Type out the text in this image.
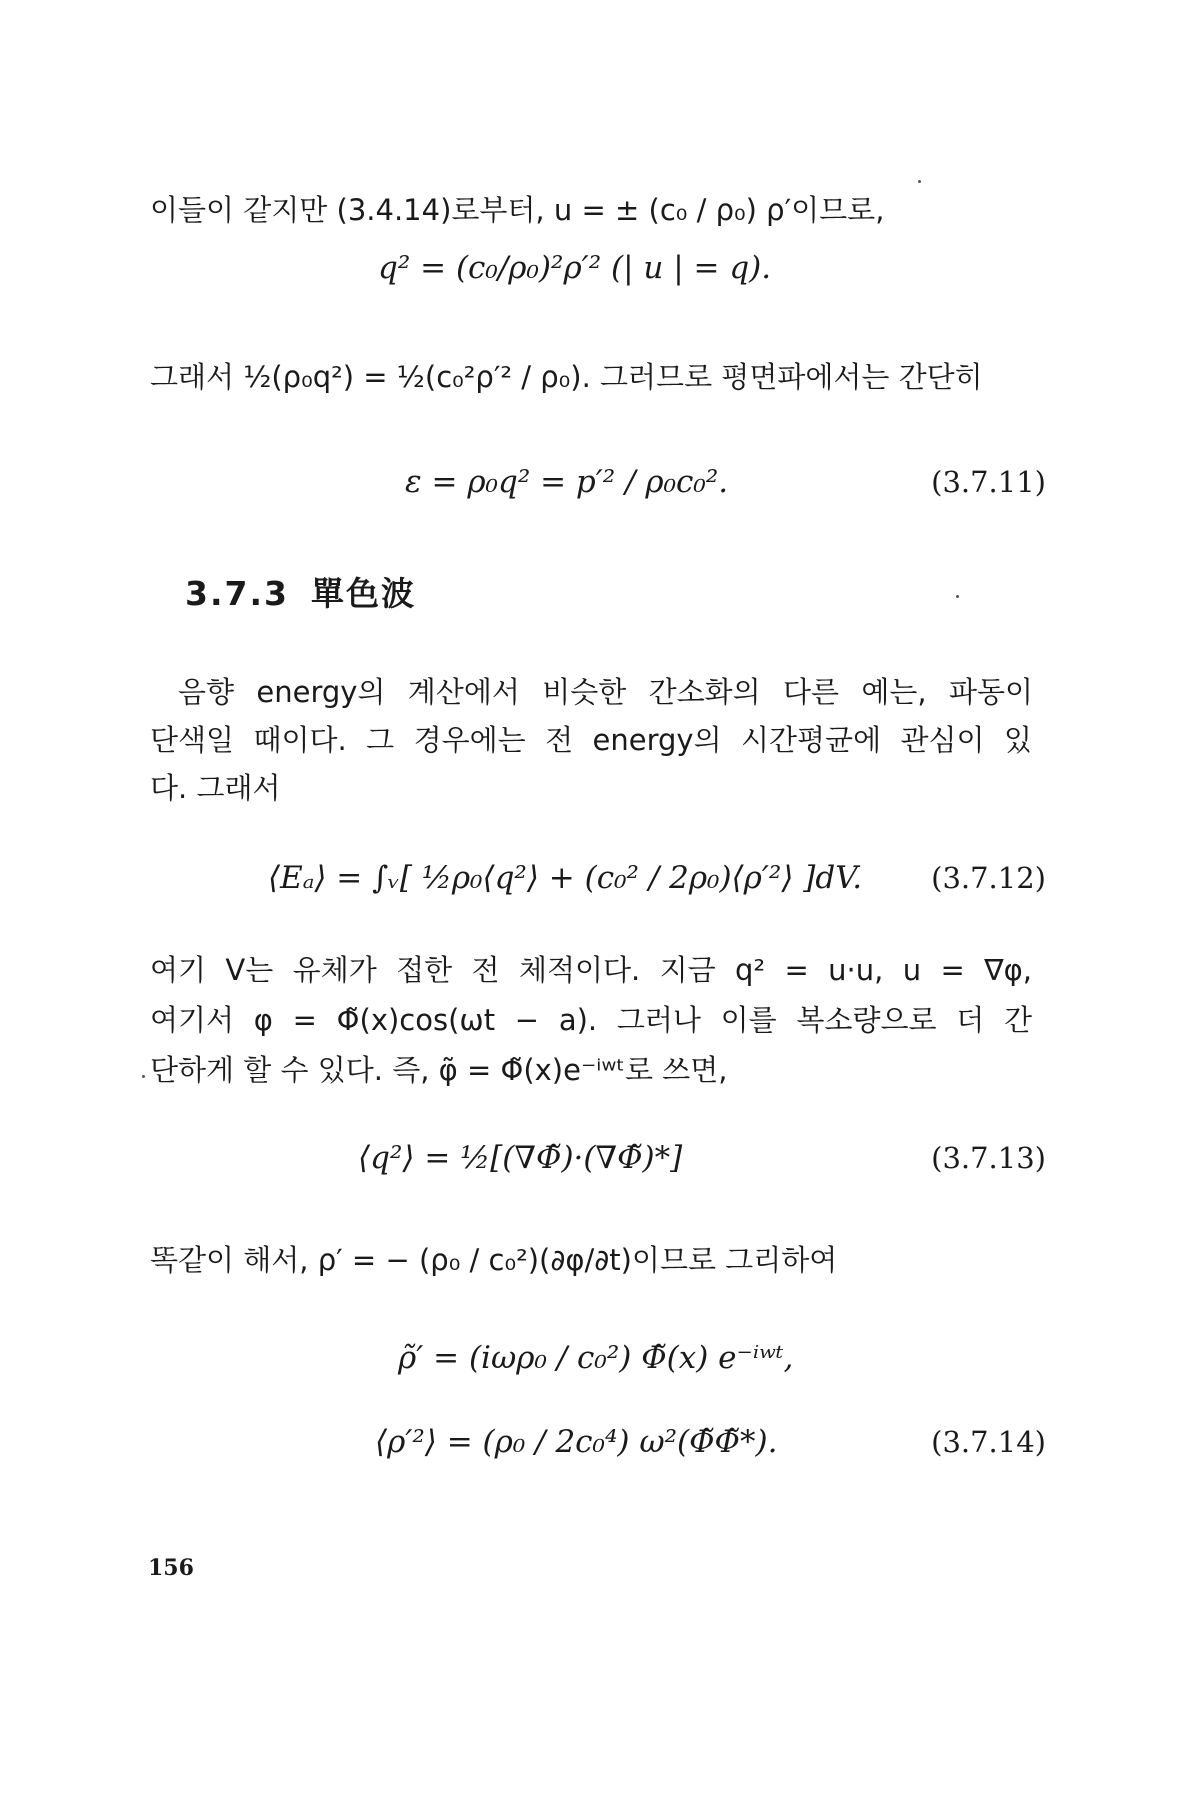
이들이 같지만 (3.4.14)로부터, u = ± (c₀ / ρ₀) ρ′이므로,
q² = (c₀/ρ₀)²ρ′² (| u | = q).
그래서 ½(ρ₀q²) = ½(c₀²ρ′² / ρ₀). 그러므로 평면파에서는 간단히
ε = ρ₀q² = p′² / ρ₀c₀².	(3.7.11)
3.7.3 單色波
음향 energy의 계산에서 비슷한 간소화의 다른 예는, 파동이
단색일 때이다. 그 경우에는 전 energy의 시간평균에 관심이 있
다. 그래서
⟨Eₐ⟩ = ∫ᵥ[ ½ρ₀⟨q²⟩ + (c₀² / 2ρ₀)⟨ρ′²⟩ ]dV. (3.7.12)
여기 V는 유체가 접한 전 체적이다. 지금 q² = u·u, u = ∇φ,
여기서 φ = Φ̃(x)cos(ωt − a). 그러나 이를 복소량으로 더 간
단하게 할 수 있다. 즉, φ̃ = Φ̃(x)e⁻ⁱʷᵗ로 쓰면,
⟨q²⟩ = ½[(∇Φ̃)·(∇Φ̃)*]	(3.7.13)
똑같이 해서, ρ′ = − (ρ₀ / c₀²)(∂φ/∂t)이므로 그리하여
ρ̃′ = (iωρ₀ / c₀²) Φ̃(x) e⁻ⁱʷᵗ,
⟨ρ′²⟩ = (ρ₀ / 2c₀⁴) ω²(Φ̃Φ̃*).	(3.7.14)
156
